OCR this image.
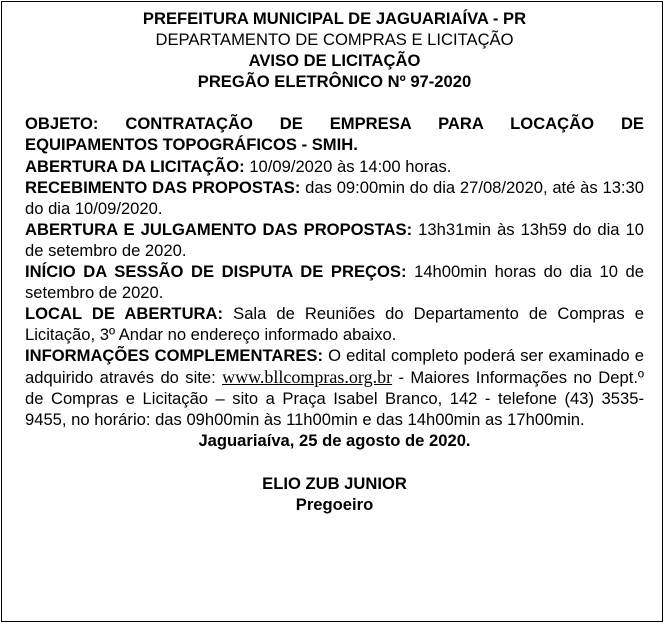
PREFEITURA MUNICIPAL DE JAGUARIAÍVA - PR

DEPARTAMENTO DE COMPRAS E LICITAÇÃO

AVISO DE LICITAÇÃO

PREGÃO ELETRÔNICO Nº 97-2020

OBJETO: CONTRATAÇÃO DE EMPRESA PARA LOCAÇÃO DE EQUIPAMENTOS TOPOGRÁFICOS - SMIH.

ABERTURA DA LICITAÇÃO: 10/09/2020 às 14:00 horas.

RECEBIMENTO DAS PROPOSTAS: das 09:00min do dia 27/08/2020, até às 13:30 do dia 10/09/2020.

ABERTURA E JULGAMENTO DAS PROPOSTAS: 13h31min às 13h59 do dia 10 de setembro de 2020.

INÍCIO DA SESSÃO DE DISPUTA DE PREÇOS: 14h00min horas do dia 10 de setembro de 2020.

LOCAL DE ABERTURA: Sala de Reuniões do Departamento de Compras e Licitação, 3º Andar no endereço informado abaixo.

INFORMAÇÕES COMPLEMENTARES: O edital completo poderá ser examinado e adquirido através do site: www.bllcompras.org.br - Maiores Informações no Dept.º de Compras e Licitação – sito a Praça Isabel Branco, 142 - telefone (43) 3535-9455, no horário: das 09h00min às 11h00min e das 14h00min as 17h00min.

Jaguariaíva, 25 de agosto de 2020.

ELIO ZUB JUNIOR

Pregoeiro
